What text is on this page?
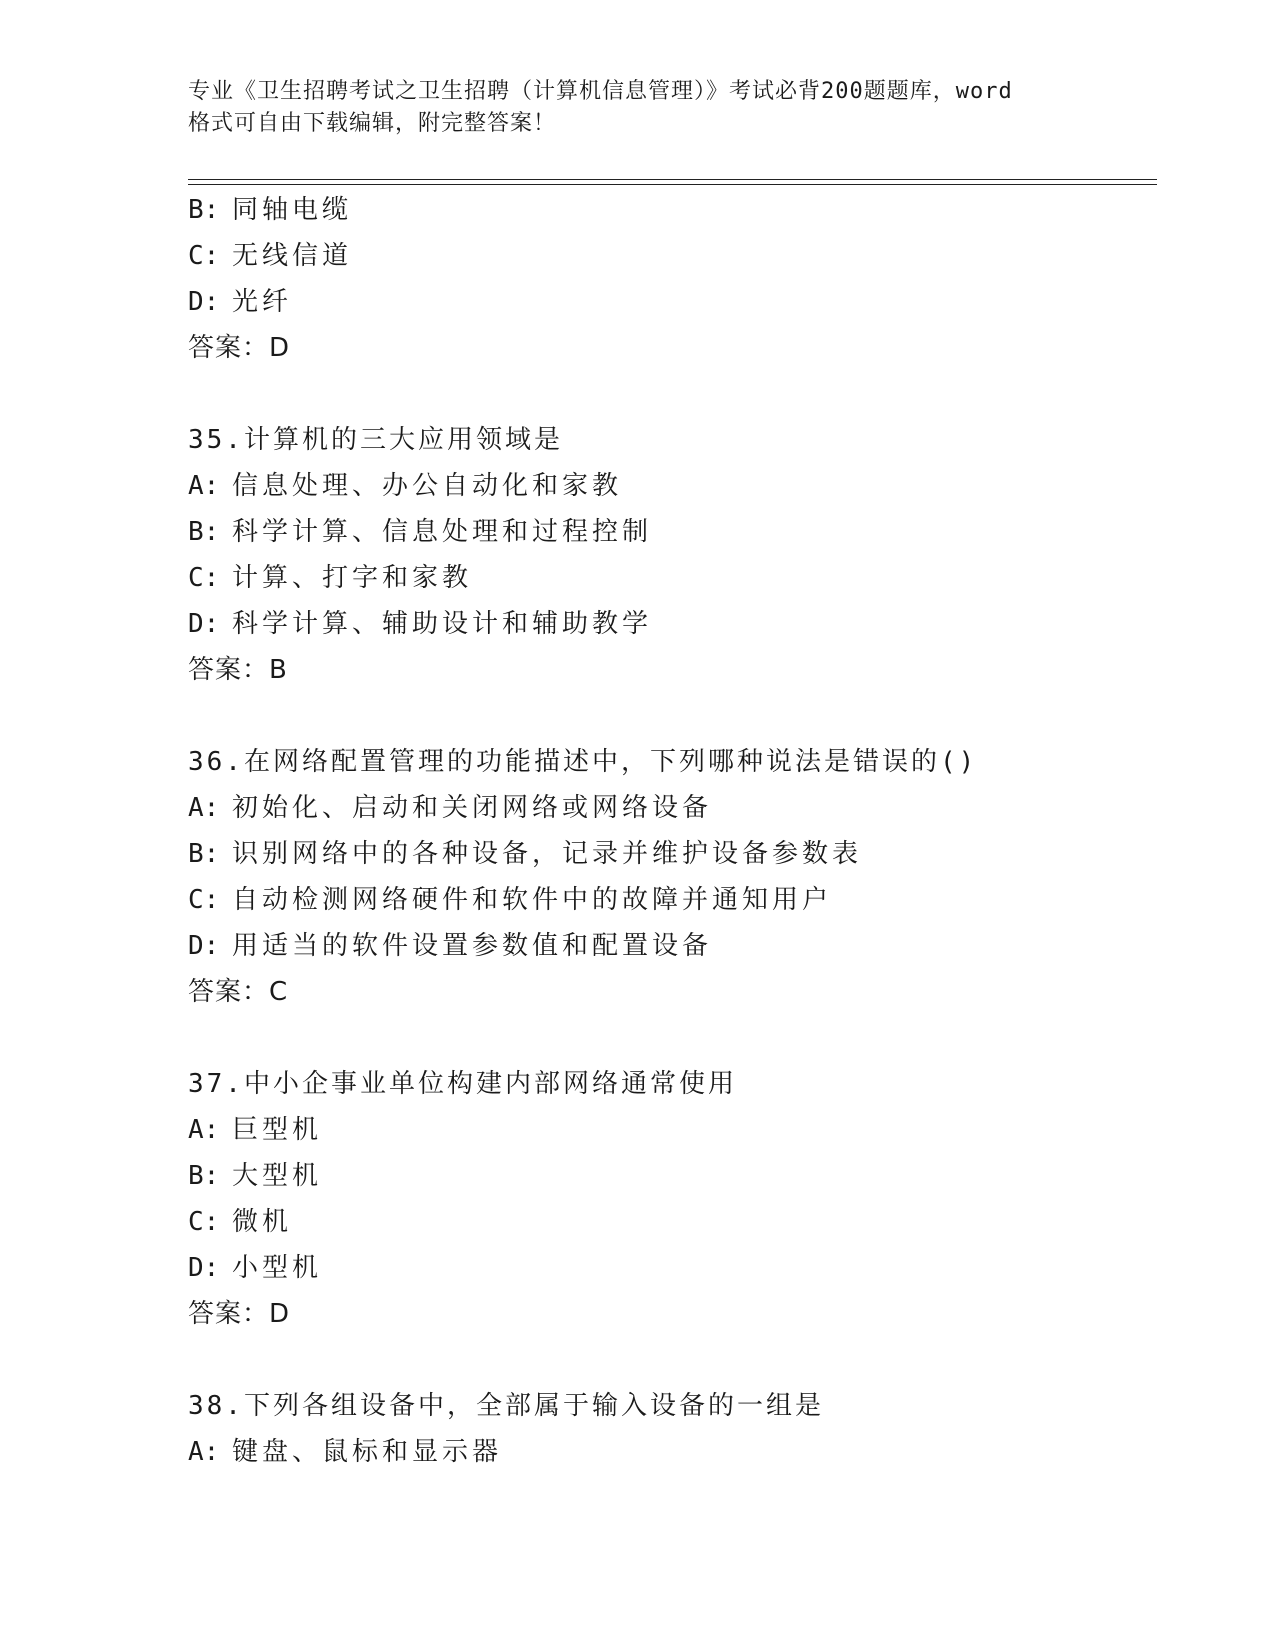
专业《卫生招聘考试之卫生招聘（计算机信息管理）》考试必背200题题库，word
格式可自由下载编辑，附完整答案！
B: 同轴电缆
C: 无线信道
D: 光纤
答案：D
35.计算机的三大应用领域是
A: 信息处理、办公自动化和家教
B: 科学计算、信息处理和过程控制
C: 计算、打字和家教
D: 科学计算、辅助设计和辅助教学
答案：B
36.在网络配置管理的功能描述中，下列哪种说法是错误的()
A: 初始化、启动和关闭网络或网络设备
B: 识别网络中的各种设备，记录并维护设备参数表
C: 自动检测网络硬件和软件中的故障并通知用户
D: 用适当的软件设置参数值和配置设备
答案：C
37.中小企事业单位构建内部网络通常使用
A: 巨型机
B: 大型机
C: 微机
D: 小型机
答案：D
38.下列各组设备中，全部属于输入设备的一组是
A: 键盘、鼠标和显示器
